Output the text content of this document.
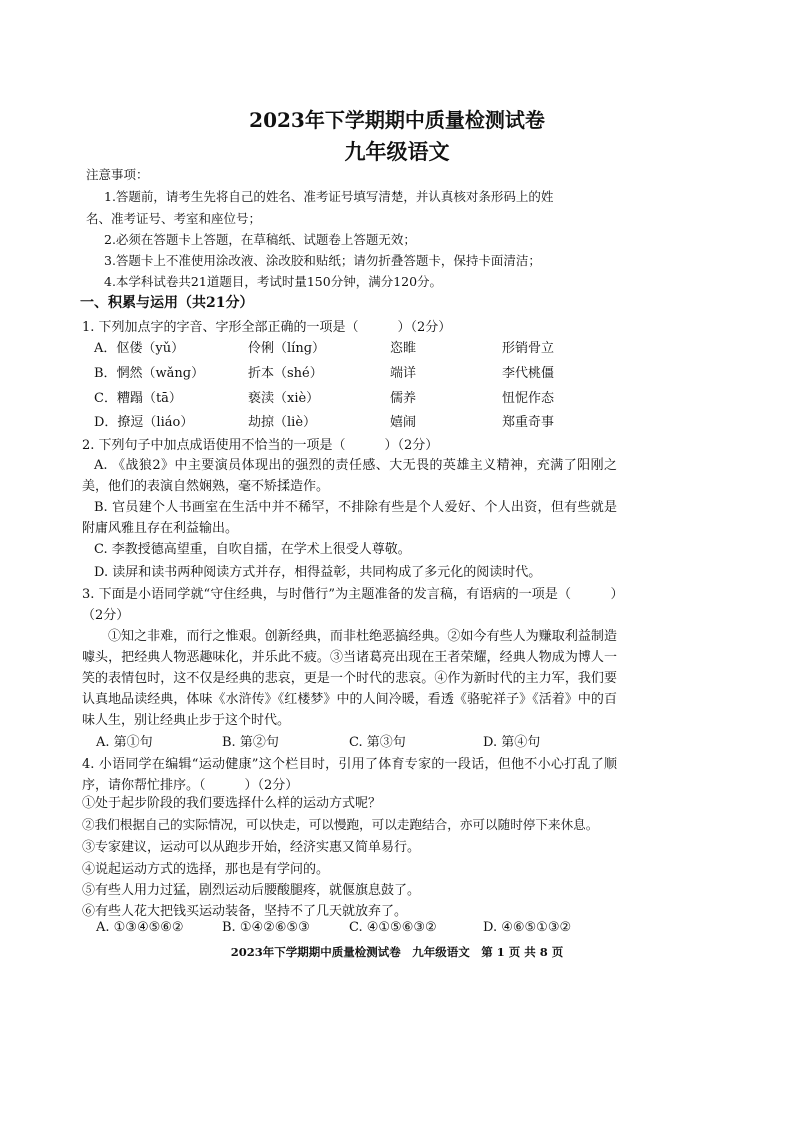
2023年下学期期中质量检测试卷
九年级语文
注意事项：
1.答题前，请考生先将自己的姓名、准考证号填写清楚，并认真核对条形码上的姓
名、准考证号、考室和座位号；
2.必须在答题卡上答题，在草稿纸、试题卷上答题无效；
3.答题卡上不准使用涂改液、涂改胶和贴纸；请勿折叠答题卡，保持卡面清洁；
4.本学科试卷共21道题目，考试时量150分钟，满分120分。
一、积累与运用（共21分）
1. 下列加点字的字音、字形全部正确的一项是（　　　）（2分）
A．伛偻（yǔ）	伶俐（línɡ）	恣睢	形销骨立
B．惘然（wǎnɡ）	折本（shé）	端详	李代桃僵
C．糟蹋（tā）	亵渎（xiè）	儒养	忸怩作态
D．撩逗（liáo）	劫掠（liè）	嬉闹	郑重奇事
2. 下列句子中加点成语使用不恰当的一项是（　　　）（2分）
A. 《战狼2》中主要演员体现出的强烈的责任感、大无畏的英雄主义精神，充满了阳刚之美，他们的表演自然娴熟，毫不矫揉造作。
B. 官员建个人书画室在生活中并不稀罕，不排除有些是个人爱好、个人出资，但有些就是附庸风雅且存在利益输出。
C. 李教授德高望重，自吹自擂，在学术上很受人尊敬。
D. 读屏和读书两种阅读方式并存，相得益彰，共同构成了多元化的阅读时代。
3. 下面是小语同学就“守住经典，与时偕行”为主题准备的发言稿，有语病的一项是（　　　）（2分）
①知之非难，而行之惟艰。创新经典，而非杜绝恶搞经典。②如今有些人为赚取利益制造噱头，把经典人物恶趣味化，并乐此不疲。③当诸葛亮出现在王者荣耀，经典人物成为博人一笑的表情包时，这不仅是经典的悲哀，更是一个时代的悲哀。④作为新时代的主力军，我们要认真地品读经典，体味《水浒传》《红楼梦》中的人间冷暖，看透《骆驼祥子》《活着》中的百味人生，别让经典止步于这个时代。
A. 第①句	B. 第②句	C. 第③句	D. 第④句
4. 小语同学在编辑“运动健康”这个栏目时，引用了体育专家的一段话，但他不小心打乱了顺序，请你帮忙排序。（　　　）（2分）
①处于起步阶段的我们要选择什么样的运动方式呢？
②我们根据自己的实际情况，可以快走，可以慢跑，可以走跑结合，亦可以随时停下来休息。
③专家建议，运动可以从跑步开始，经济实惠又简单易行。
④说起运动方式的选择，那也是有学问的。
⑤有些人用力过猛，剧烈运动后腰酸腿疼，就偃旗息鼓了。
⑥有些人花大把钱买运动装备，坚持不了几天就放弃了。
A. ①③④⑤⑥②	B. ①④②⑥⑤③	C. ④①⑤⑥③②	D. ④⑥⑤①③②
2023年下学期期中质量检测试卷　九年级语文　第 1 页 共 8 页
